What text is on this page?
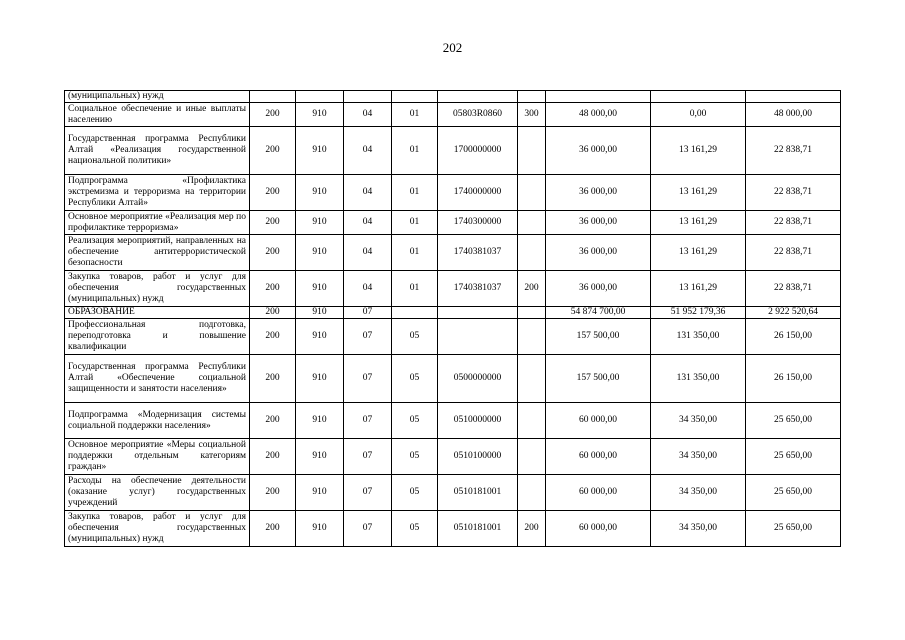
202
(муниципальных) нужд									
Социальное обеспечение и иные выплаты населению	200	910	04	01	05803R0860	300	48 000,00	0,00	48 000,00
Государственная программа Республики Алтай «Реализация государственной национальной политики»	200	910	04	01	1700000000		36 000,00	13 161,29	22 838,71
Подпрограмма «Профилактика экстремизма и терроризма на территории Республики Алтай»	200	910	04	01	1740000000		36 000,00	13 161,29	22 838,71
Основное мероприятие «Реализация мер по профилактике терроризма»	200	910	04	01	1740300000		36 000,00	13 161,29	22 838,71
Реализация мероприятий, направленных на обеспечение антитеррористической безопасности	200	910	04	01	1740381037		36 000,00	13 161,29	22 838,71
Закупка товаров, работ и услуг для обеспечения государственных (муниципальных) нужд	200	910	04	01	1740381037	200	36 000,00	13 161,29	22 838,71
ОБРАЗОВАНИЕ	200	910	07				54 874 700,00	51 952 179,36	2 922 520,64
Профессиональная подготовка, переподготовка и повышение квалификации	200	910	07	05			157 500,00	131 350,00	26 150,00
Государственная программа Республики Алтай «Обеспечение социальной защищенности и занятости населения»	200	910	07	05	0500000000		157 500,00	131 350,00	26 150,00
Подпрограмма «Модернизация системы социальной поддержки населения»	200	910	07	05	0510000000		60 000,00	34 350,00	25 650,00
Основное мероприятие «Меры социальной поддержки отдельным категориям граждан»	200	910	07	05	0510100000		60 000,00	34 350,00	25 650,00
Расходы на обеспечение деятельности (оказание услуг) государственных учреждений	200	910	07	05	0510181001		60 000,00	34 350,00	25 650,00
Закупка товаров, работ и услуг для обеспечения государственных (муниципальных) нужд	200	910	07	05	0510181001	200	60 000,00	34 350,00	25 650,00
